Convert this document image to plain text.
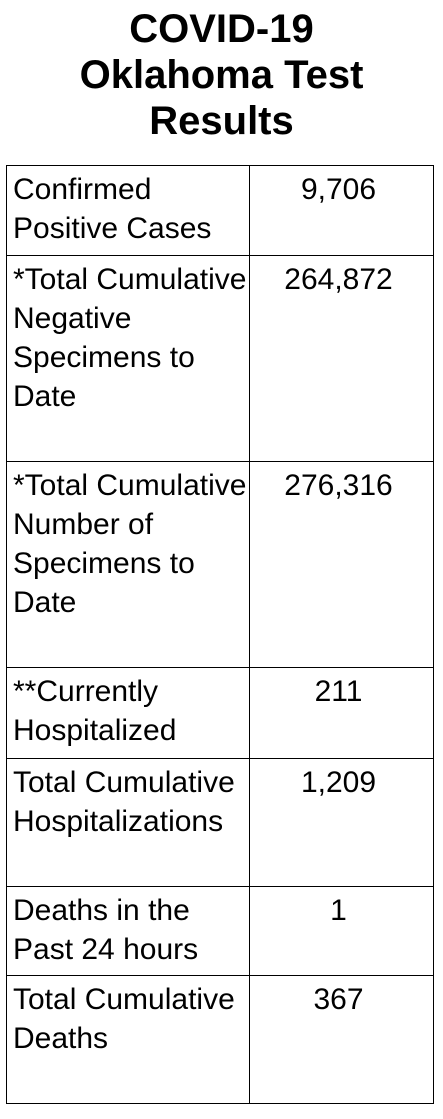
COVID-19
Oklahoma Test
Results
Confirmed Positive Cases	9,706
*Total Cumulative Negative Specimens to Date	264,872
*Total Cumulative Number of Specimens to Date	276,316
**Currently Hospitalized	211
Total Cumulative Hospitalizations	1,209
Deaths in the Past 24 hours	1
Total Cumulative Deaths	367
